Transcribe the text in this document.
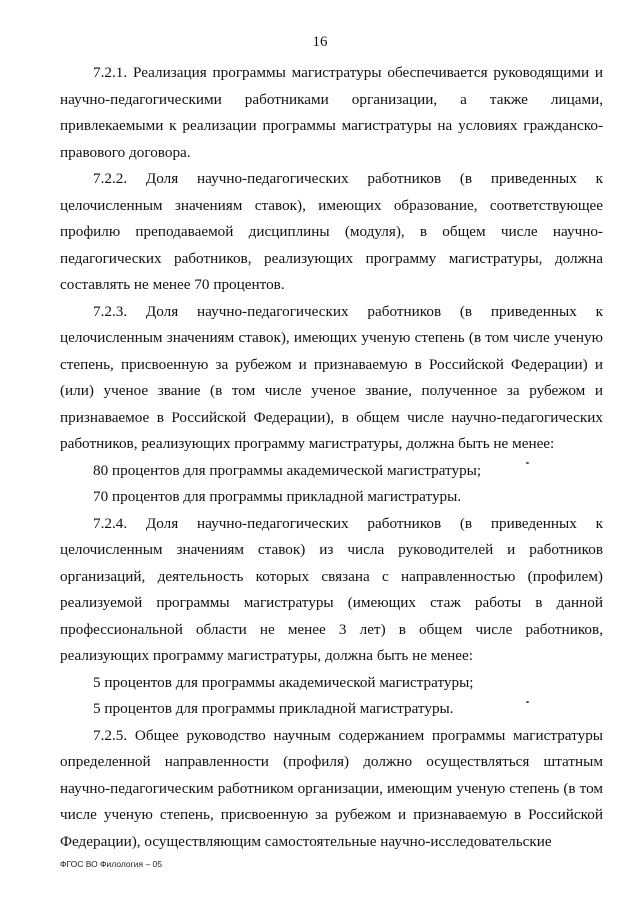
16

7.2.1. Реализация программы магистратуры обеспечивается руководящими и научно-педагогическими работниками организации, а также лицами, привлекаемыми к реализации программы магистратуры на условиях гражданско-правового договора.

7.2.2. Доля научно-педагогических работников (в приведенных к целочисленным значениям ставок), имеющих образование, соответствующее профилю преподаваемой дисциплины (модуля), в общем числе научно-педагогических работников, реализующих программу магистратуры, должна составлять не менее 70 процентов.

7.2.3. Доля научно-педагогических работников (в приведенных к целочисленным значениям ставок), имеющих ученую степень (в том числе ученую степень, присвоенную за рубежом и признаваемую в Российской Федерации) и (или) ученое звание (в том числе ученое звание, полученное за рубежом и признаваемое в Российской Федерации), в общем числе научно-педагогических работников, реализующих программу магистратуры, должна быть не менее:

80 процентов для программы академической магистратуры;

70 процентов для программы прикладной магистратуры.

7.2.4. Доля научно-педагогических работников (в приведенных к целочисленным значениям ставок) из числа руководителей и работников организаций, деятельность которых связана с направленностью (профилем) реализуемой программы магистратуры (имеющих стаж работы в данной профессиональной области не менее 3 лет) в общем числе работников, реализующих программу магистратуры, должна быть не менее:

5 процентов для программы академической магистратуры;

5 процентов для программы прикладной магистратуры.

7.2.5. Общее руководство научным содержанием программы магистратуры определенной направленности (профиля) должно осуществляться штатным научно-педагогическим работником организации, имеющим ученую степень (в том числе ученую степень, присвоенную за рубежом и признаваемую в Российской Федерации), осуществляющим самостоятельные научно-исследовательские

ФГОС ВО Филология – 05
